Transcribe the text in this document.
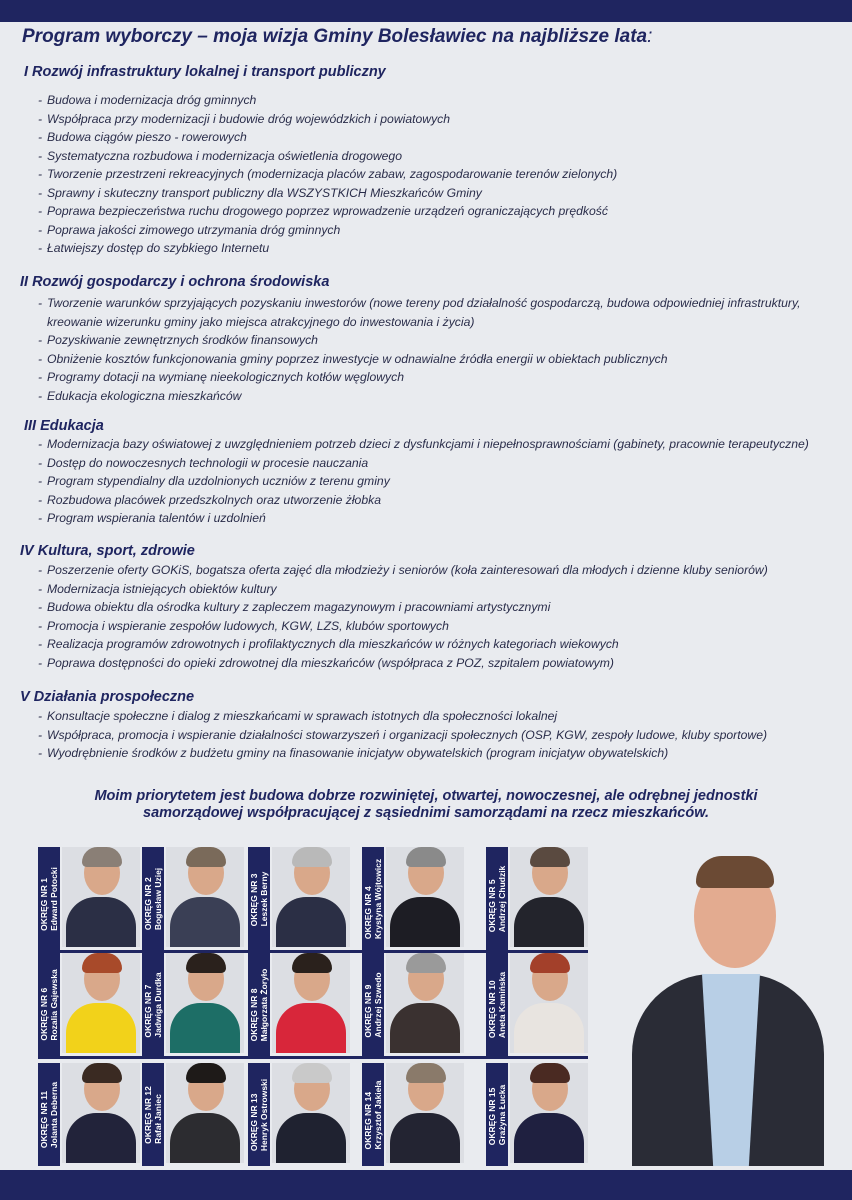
Program wyborczy – moja wizja Gminy Bolesławiec na najbliższe lata:
I Rozwój infrastruktury lokalnej i transport publiczny
- Budowa i modernizacja dróg gminnych
- Współpraca przy modernizacji i budowie dróg wojewódzkich i powiatowych
- Budowa ciągów pieszo - rowerowych
- Systematyczna rozbudowa i modernizacja oświetlenia drogowego
- Tworzenie przestrzeni rekreacyjnych (modernizacja placów zabaw, zagospodarowanie terenów zielonych)
- Sprawny i skuteczny transport publiczny dla WSZYSTKICH Mieszkańców Gminy
- Poprawa bezpieczeństwa ruchu drogowego poprzez wprowadzenie urządzeń ograniczających prędkość
- Poprawa jakości zimowego utrzymania dróg gminnych
- Łatwiejszy dostęp do szybkiego Internetu
II Rozwój gospodarczy i ochrona środowiska
- Tworzenie warunków sprzyjających pozyskaniu inwestorów (nowe tereny pod działalność gospodarczą, budowa odpowiedniej infrastruktury, kreowanie wizerunku gminy jako miejsca atrakcyjnego do inwestowania i życia)
- Pozyskiwanie zewnętrznych środków finansowych
- Obniżenie kosztów funkcjonowania gminy poprzez inwestycje w odnawialne źródła energii w obiektach publicznych
- Programy dotacji na wymianę nieekologicznych kotłów węglowych
- Edukacja ekologiczna mieszkańców
III Edukacja
- Modernizacja bazy oświatowej z uwzględnieniem potrzeb dzieci z dysfunkcjami i niepełnosprawnościami (gabinety, pracownie terapeutyczne)
- Dostęp do nowoczesnych technologii w procesie nauczania
- Program stypendialny dla uzdolnionych uczniów z terenu gminy
- Rozbudowa placówek przedszkolnych oraz utworzenie żłobka
- Program wspierania talentów i uzdolnień
IV Kultura, sport, zdrowie
- Poszerzenie oferty GOKiS, bogatsza oferta zajęć dla młodzieży i seniorów (koła zainteresowań dla młodych i dzienne kluby seniorów)
- Modernizacja istniejących obiektów kultury
- Budowa obiektu dla ośrodka kultury z zapleczem magazynowym i pracowniami artystycznymi
- Promocja i wspieranie zespołów ludowych, KGW, LZS, klubów sportowych
- Realizacja programów zdrowotnych i profilaktycznych dla mieszkańców w różnych kategoriach wiekowych
- Poprawa dostępności do opieki zdrowotnej dla mieszkańców (współpraca z POZ, szpitalem powiatowym)
V Działania prospołeczne
- Konsultacje społeczne i dialog z mieszkańcami w sprawach istotnych dla społeczności lokalnej
- Współpraca, promocja i wspieranie działalności stowarzyszeń i organizacji społecznych (OSP, KGW, zespoły ludowe, kluby sportowe)
- Wyodrębnienie środków z budżetu gminy na finasowanie inicjatyw obywatelskich (program inicjatyw obywatelskich)
Moim priorytetem jest budowa dobrze rozwiniętej, otwartej, nowoczesnej, ale odrębnej jednostki
samorządowej współpracującej z sąsiednimi samorządami na rzecz mieszkańców.
OKRĘG NR 1 Edward Potocki	OKRĘG NR 2 Bogusław Uziej	OKRĘG NR 3 Leszek Berny	OKRĘG NR 4 Krystyna Wójtowicz	OKRĘG NR 5 Andrzej Chudzik
OKRĘG NR 6 Rozalia Gajewska	OKRĘG NR 7 Jadwiga Durdka	OKRĘG NR 8 Małgorzata Żoryło	OKRĘG NR 9 Andrzej Szwedo	OKRĘG NR 10 Aneta Kamińska
OKRĘG NR 11 Jolanta Deberna	OKRĘG NR 12 Rafał Janiec	OKRĘG NR 13 Henryk Ostrowski	OKRĘG NR 14 Krzysztof Jakieła	OKRĘG NR 15 Grażyna Łucka
